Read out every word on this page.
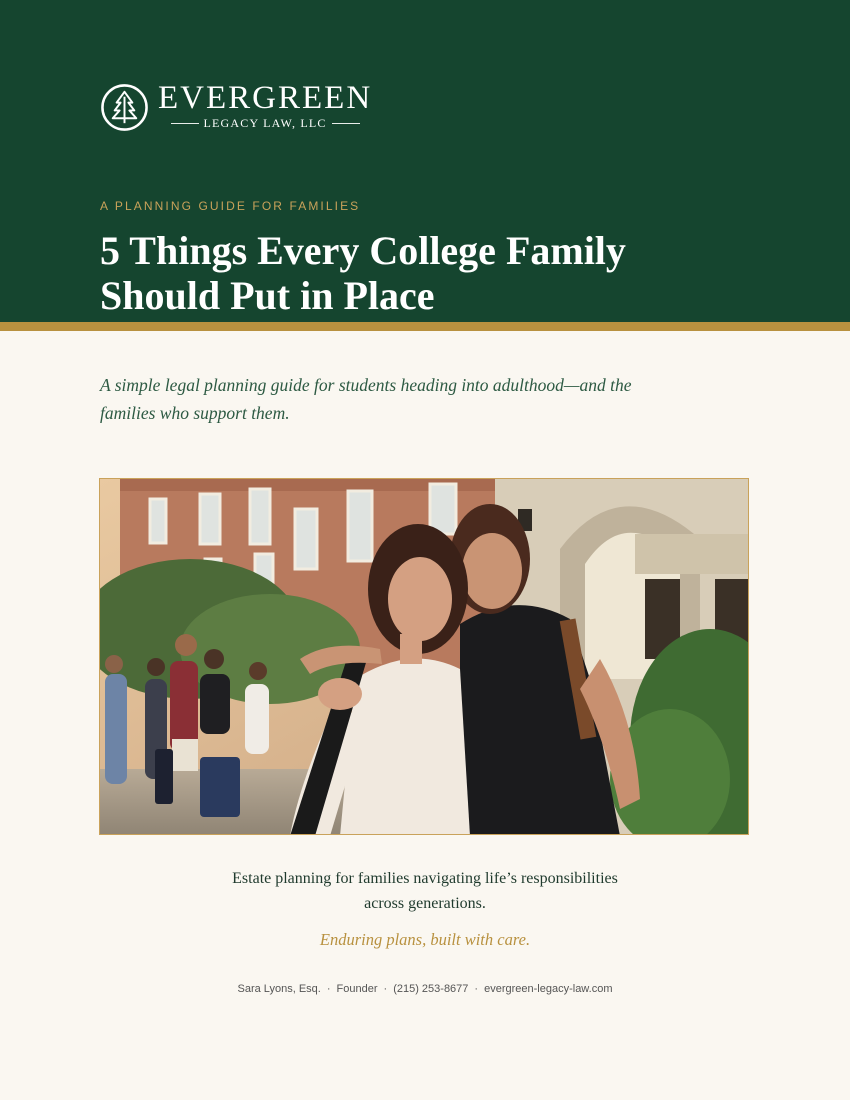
EVERGREEN
LEGACY LAW, LLC
A PLANNING GUIDE FOR FAMILIES
5 Things Every College Family
Should Put in Place
A simple legal planning guide for students heading into adulthood—and the families who support them.
Estate planning for families navigating life’s responsibilities
across generations.
Enduring plans, built with care.
Sara Lyons, Esq. · Founder · (215) 253-8677 · evergreen-legacy-law.com
